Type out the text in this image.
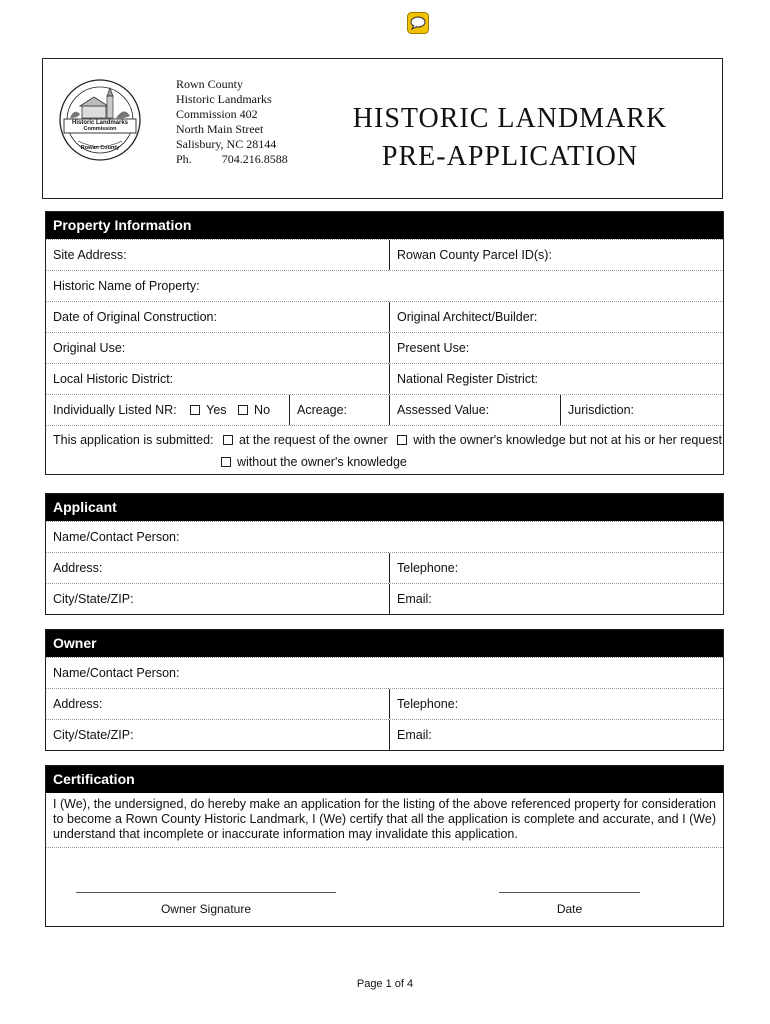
Historic Landmarks
Commission
Rowan County
Rown County
Historic Landmarks
Commission 402
North Main Street
Salisbury, NC 28144
Ph.	704.216.8588
HISTORIC LANDMARK
PRE-APPLICATION
Property Information
Site Address:	Rowan County Parcel ID(s):
Historic Name of Property:
Date of Original Construction:	Original Architect/Builder:
Original Use:	Present Use:
Local Historic District:	National Register District:
Individually Listed NR: Yes No	Acreage:	Assessed Value:	Jurisdiction:
This application is submitted: at the request of the owner with the owner's knowledge but not at his or her request
without the owner's knowledge
Applicant
Name/Contact Person:
Address:	Telephone:
City/State/ZIP:	Email:
Owner
Name/Contact Person:
Address:	Telephone:
City/State/ZIP:	Email:
Certification
I (We), the undersigned, do hereby make an application for the listing of the above referenced property for consideration to become a Rown County Historic Landmark, I (We) certify that all the application is complete and accurate, and I (We) understand that incomplete or inaccurate information may invalidate this application.
Owner Signature	Date
Page 1 of 4
